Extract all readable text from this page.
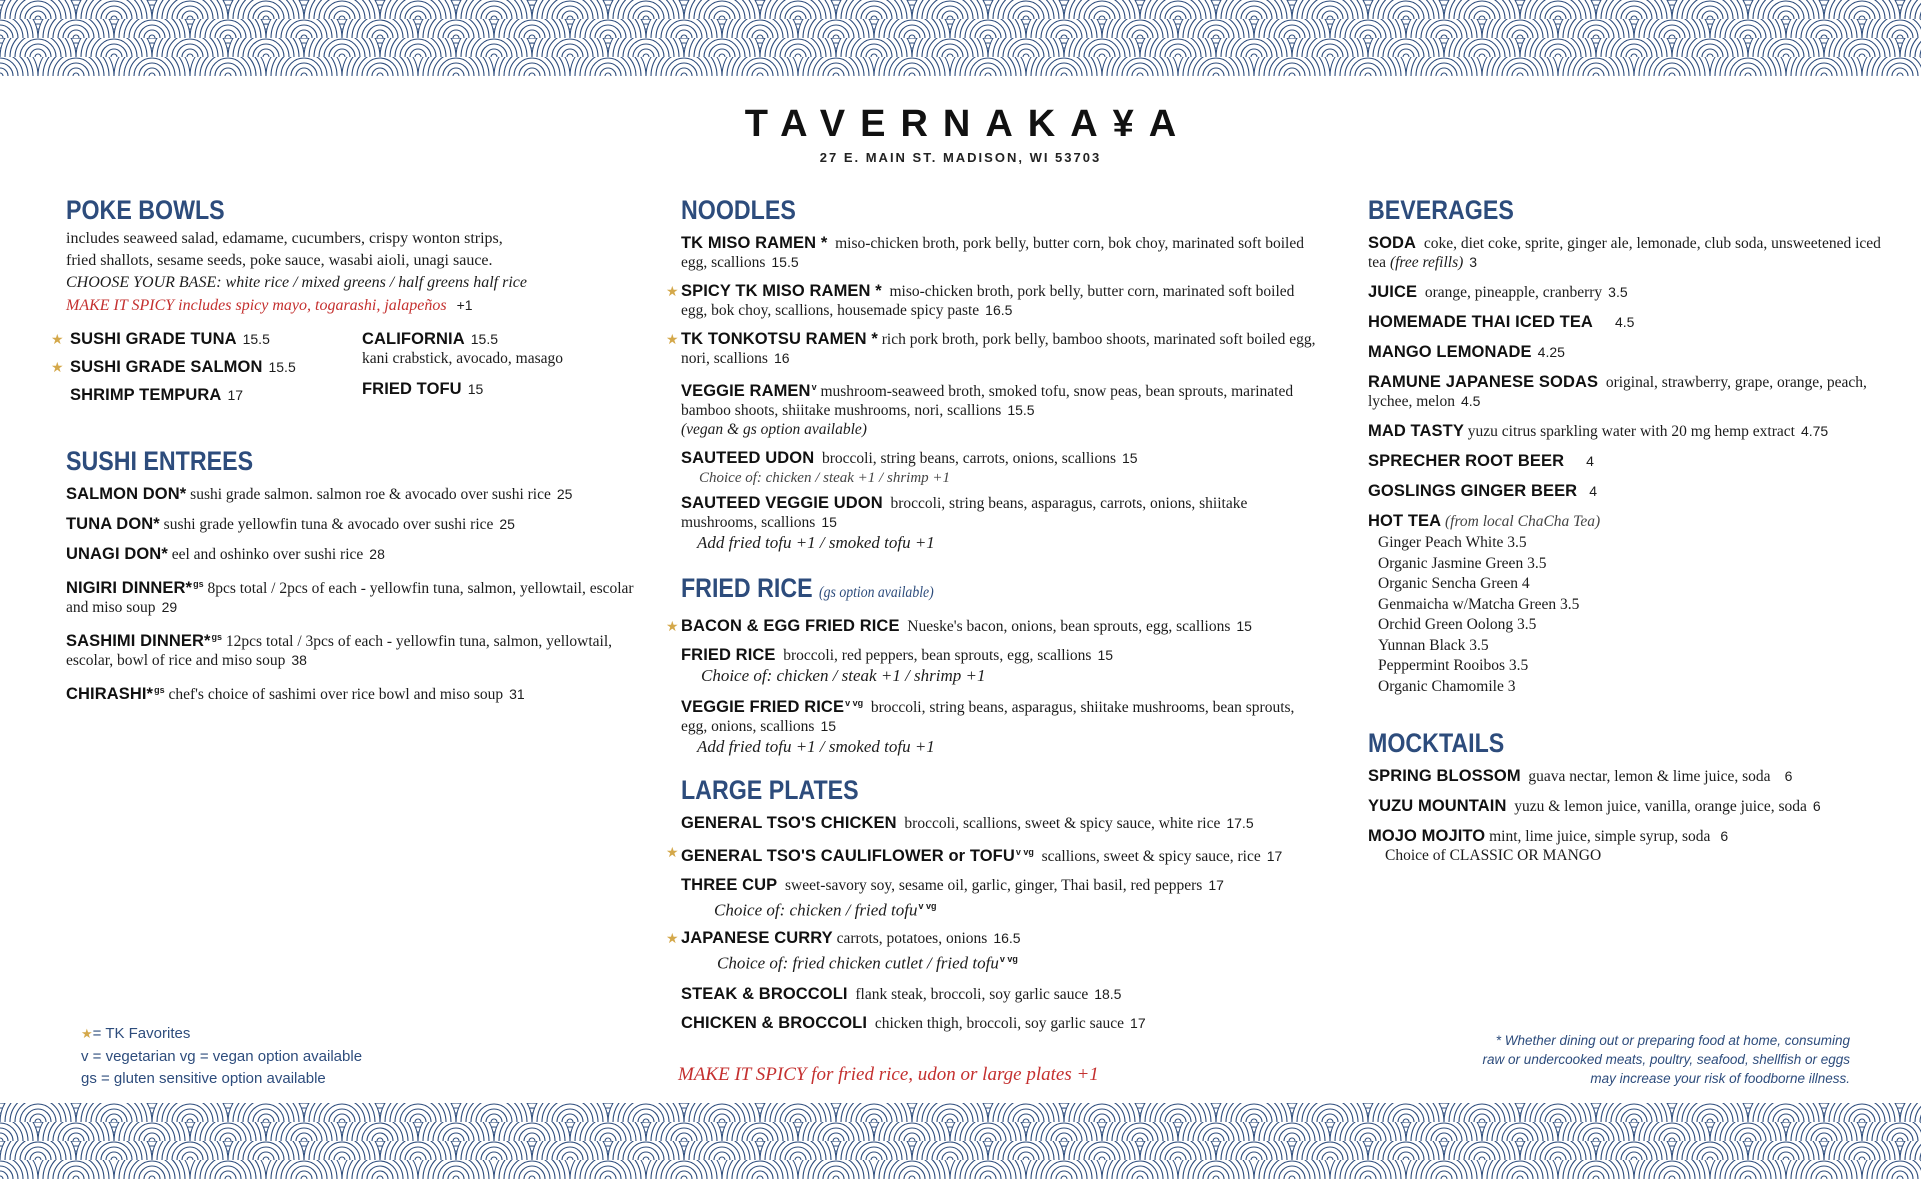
TAVERNAKA¥A
27 E. MAIN ST. MADISON, WI 53703
POKE BOWLS
includes seaweed salad, edamame, cucumbers, crispy wonton strips,
fried shallots, sesame seeds, poke sauce, wasabi aioli, unagi sauce.
CHOOSE YOUR BASE: white rice / mixed greens / half greens half rice
MAKE IT SPICY includes spicy mayo, togarashi, jalapeños +1
★ SUSHI GRADE TUNA 15.5
★ SUSHI GRADE SALMON 15.5
SHRIMP TEMPURA 17
CALIFORNIA 15.5
kani crabstick, avocado, masago
FRIED TOFU 15
SUSHI ENTREES
SALMON DON* sushi grade salmon. salmon roe & avocado over sushi rice 25
TUNA DON* sushi grade yellowfin tuna & avocado over sushi rice 25
UNAGI DON* eel and oshinko over sushi rice 28
NIGIRI DINNER*$^{gs}$ 8pcs total / 2pcs of each - yellowfin tuna, salmon, yellowtail, escolar and miso soup 29
SASHIMI DINNER*$^{gs}$ 12pcs total / 3pcs of each - yellowfin tuna, salmon, yellowtail, escolar, bowl of rice and miso soup 38
CHIRASHI*$^{gs}$ chef's choice of sashimi over rice bowl and miso soup 31
NOODLES
TK MISO RAMEN * miso-chicken broth, pork belly, butter corn, bok choy, marinated soft boiled egg, scallions 15.5
★ SPICY TK MISO RAMEN * miso-chicken broth, pork belly, butter corn, marinated soft boiled egg, bok choy, scallions, housemade spicy paste 16.5
★ TK TONKOTSU RAMEN * rich pork broth, pork belly, bamboo shoots, marinated soft boiled egg, nori, scallions 16
VEGGIE RAMEN$^v$ mushroom-seaweed broth, smoked tofu, snow peas, bean sprouts, marinated bamboo shoots, shiitake mushrooms, nori, scallions 15.5
(vegan & gs option available)
SAUTEED UDON broccoli, string beans, carrots, onions, scallions 15
Choice of: chicken / steak +1 / shrimp +1
SAUTEED VEGGIE UDON broccoli, string beans, asparagus, carrots, onions, shiitake mushrooms, scallions 15
Add fried tofu +1 / smoked tofu +1
FRIED RICE (gs option available)
★ BACON & EGG FRIED RICE Nueske's bacon, onions, bean sprouts, egg, scallions 15
FRIED RICE broccoli, red peppers, bean sprouts, egg, scallions 15
Choice of: chicken / steak +1 / shrimp +1
VEGGIE FRIED $RICE^{v vg}$ broccoli, string beans, asparagus, shiitake mushrooms, bean sprouts, egg, onions, scallions 15
Add fried tofu +1 / smoked tofu +1
LARGE PLATES
GENERAL TSO'S CHICKEN broccoli, scallions, sweet & spicy sauce, white rice 17.5
★ GENERAL TSO'S CAULIFLOWER or $TOFU^{v vg}$ scallions, sweet & spicy sauce, rice 17
THREE CUP sweet-savory soy, sesame oil, garlic, ginger, Thai basil, red peppers 17
Choice of: chicken / fried tofu$^{v vg}$
★ JAPANESE CURRY carrots, potatoes, onions 16.5
Choice of: fried chicken cutlet / fried tofu$^{v vg}$
STEAK & BROCCOLI flank steak, broccoli, soy garlic sauce 18.5
CHICKEN & BROCCOLI chicken thigh, broccoli, soy garlic sauce 17
BEVERAGES
SODA coke, diet coke, sprite, ginger ale, lemonade, club soda, unsweetened iced tea (free refills) 3
JUICE orange, pineapple, cranberry 3.5
HOMEMADE THAI ICED TEA 4.5
MANGO LEMONADE 4.25
RAMUNE JAPANESE SODAS original, strawberry, grape, orange, peach, lychee, melon 4.5
MAD TASTY yuzu citrus sparkling water with 20 mg hemp extract 4.75
SPRECHER ROOT BEER 4
GOSLINGS GINGER BEER 4
HOT TEA (from local ChaCha Tea)
Ginger Peach White 3.5
Organic Jasmine Green 3.5
Organic Sencha Green 4
Genmaicha w/Matcha Green 3.5
Orchid Green Oolong 3.5
Yunnan Black 3.5
Peppermint Rooibos 3.5
Organic Chamomile 3
MOCKTAILS
SPRING BLOSSOM guava nectar, lemon & lime juice, soda 6
YUZU MOUNTAIN yuzu & lemon juice, vanilla, orange juice, soda 6
MOJO MOJITO mint, lime juice, simple syrup, soda 6
Choice of CLASSIC OR MANGO
★= TK Favorites
v = vegetarian vg = vegan option available
gs = gluten sensitive option available	MAKE IT SPICY for fried rice, udon or large plates +1
* Whether dining out or preparing food at home, consuming
raw or undercooked meats, poultry, seafood, shellfish or eggs
may increase your risk of foodborne illness.
